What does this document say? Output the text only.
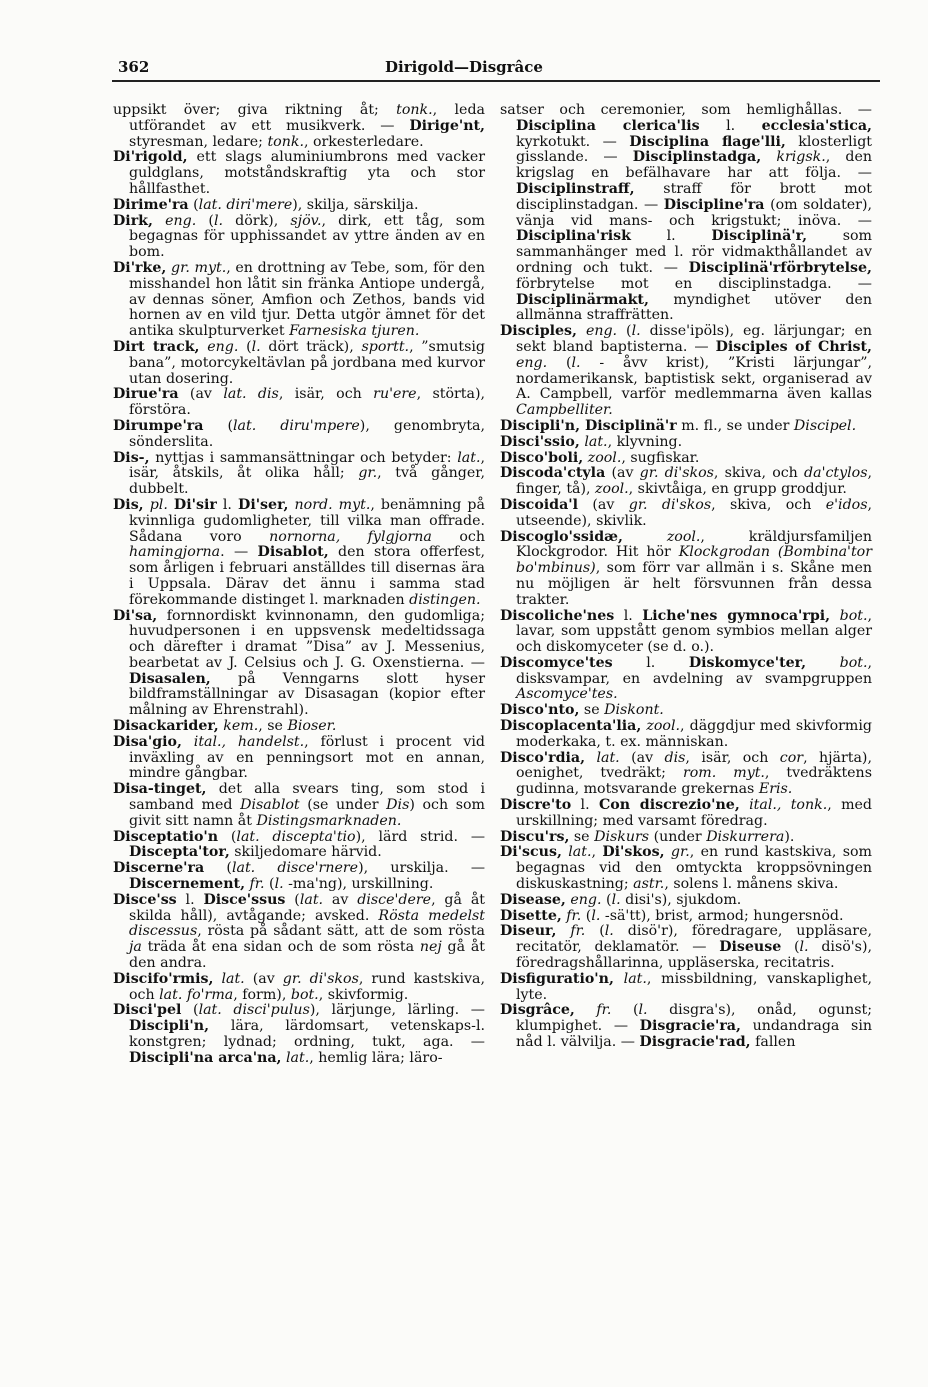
Dirigold—Disgrâce
362

uppsikt över; giva riktning åt; tonk., leda utförandet av ett musikverk. — Dirige'nt, styresman, ledare; tonk., orkesterledare.

Di'rigold, ett slags aluminiumbrons med vacker guldglans, motståndskraftig yta och stor hållfasthet.

Dirime'ra (lat. diri'mere), skilja, särskilja.

Dirk, eng. (l. dörk), sjöv., dirk, ett tåg, som begagnas för upphissandet av yttre änden av en bom.

Di'rke, gr. myt., en drottning av Tebe, som, för den misshandel hon låtit sin fränka Antiope undergå, av dennas söner, Amfion och Zethos, bands vid hornen av en vild tjur. Detta utgör ämnet för det antika skulpturverket Farnesiska tjuren.

Dirt track, eng. (l. dört träck), sportt., ”smutsig bana”, motorcykeltävlan på jordbana med kurvor utan dosering.

Dirue'ra (av lat. dis, isär, och ru'ere, störta), förstöra.

Dirumpe'ra (lat. diru'mpere), genombryta, sönderslita.

Dis-, nyttjas i sammansättningar och betyder: lat., isär, åtskils, åt olika håll; gr., två gånger, dubbelt.

Dis, pl. Di'sir l. Di'ser, nord. myt., benämning på kvinnliga gudomligheter, till vilka man offrade. Sådana voro nornorna, fylgjorna och hamingjorna. — Disablot, den stora offerfest, som årligen i februari anställdes till disernas ära i Uppsala. Därav det ännu i samma stad förekommande distinget l. marknaden distingen.

Di'sa, fornnordiskt kvinnonamn, den gudomliga; huvudpersonen i en uppsvensk medeltidssaga och därefter i dramat ”Disa” av J. Messenius, bearbetat av J. Celsius och J. G. Oxenstierna. — Disasalen, på Venngarns slott hyser bildframställningar av Disasagan (kopior efter målning av Ehrenstrahl).

Disackarider, kem., se Bioser.

Disa'gio, ital., handelst., förlust i procent vid inväxling av en penningsort mot en annan, mindre gångbar.

Disa-tinget, det alla svears ting, som stod i samband med Disablot (se under Dis) och som givit sitt namn åt Distingsmarknaden.

Disceptatio'n (lat. discepta'tio), lärd strid. — Discepta'tor, skiljedomare härvid.

Discerne'ra (lat. disce'rnere), urskilja. — Discernement, fr. (l. -ma'ng), urskillning.

Disce'ss l. Disce'ssus (lat. av disce'dere, gå åt skilda håll), avtågande; avsked. Rösta medelst discessus, rösta på sådant sätt, att de som rösta ja träda åt ena sidan och de som rösta nej gå åt den andra.

Discifo'rmis, lat. (av gr. di'skos, rund kastskiva, och lat. fo'rma, form), bot., skivformig.

Disci'pel (lat. disci'pulus), lärjunge, lärling. — Discipli'n, lära, lärdomsart, vetenskaps-l. konstgren; lydnad; ordning, tukt, aga. — Discipli'na arca'na, lat., hemlig lära; läro-

satser och ceremonier, som hemlighållas. — Disciplina clerica'lis l. ecclesia'stica, kyrkotukt. — Disciplina flage'lli, klosterligt gisslande. — Disciplinstadga, krigsk., den krigslag en befälhavare har att följa. — Disciplinstraff, straff för brott mot disciplinstadgan. — Discipline'ra (om soldater), vänja vid mans- och krigstukt; inöva. — Disciplina'risk l. Disciplinä'r, som sammanhänger med l. rör vidmakthållandet av ordning och tukt. — Disciplinä'rförbrytelse, förbrytelse mot en disciplinstadga. — Disciplinärmakt, myndighet utöver den allmänna straffrätten.

Disciples, eng. (l. disse'ipöls), eg. lärjungar; en sekt bland baptisterna. — Disciples of Christ, eng. (l. - åvv krist), ”Kristi lärjungar”, nordamerikansk, baptistisk sekt, organiserad av A. Campbell, varför medlemmarna även kallas Campbelliter.

Discipli'n, Disciplinä'r m. fl., se under Discipel.

Disci'ssio, lat., klyvning.

Disco'boli, zool., sugfiskar.

Discoda'ctyla (av gr. di'skos, skiva, och da'ctylos, finger, tå), zool., skivtåiga, en grupp groddjur.

Discoida'l (av gr. di'skos, skiva, och e'idos, utseende), skivlik.

Discoglo'ssidæ,	zool., kräldjursfamiljen Klockgrodor. Hit hör Klockgrodan (Bombina'tor bo'mbinus), som förr var allmän i s. Skåne men nu möjligen är helt försvunnen från dessa trakter.

Discoliche'nes l. Liche'nes gymnoca'rpi, bot., lavar, som uppstått genom symbios mellan alger och diskomyceter (se d. o.).

Discomyce'tes l. Diskomyce'ter, bot., disksvampar, en avdelning av svampgruppen Ascomyce'tes.

Disco'nto, se Diskont.

Discoplacenta'lia, zool., däggdjur med skivformig moderkaka, t. ex. människan.

Disco'rdia, lat. (av dis, isär, och cor, hjärta), oenighet, tvedräkt; rom. myt., tvedräktens gudinna, motsvarande grekernas Eris.

Discre'to l. Con discrezio'ne, ital., tonk., med urskillning; med varsamt föredrag.

Discu'rs, se Diskurs (under Diskurrera).

Di'scus, lat., Di'skos, gr., en rund kastskiva, som begagnas vid den omtyckta kroppsövningen diskuskastning; astr., solens l. månens skiva.

Disease, eng. (l. disi's), sjukdom.

Disette, fr. (l. -sä'tt), brist, armod; hungersnöd.

Diseur, fr. (l. disö'r), föredragare, uppläsare, recitatör, deklamatör. — Diseuse (l. disö's), föredragshållarinna, uppläserska, recitatris.

Disfiguratio'n, lat., missbildning, vanskaplighet, lyte.

Disgrâce, fr. (l. disgra's), onåd, ogunst; klumpighet. — Disgracie'ra, undandraga sin nåd l. välvilja. — Disgracie'rad, fallen
